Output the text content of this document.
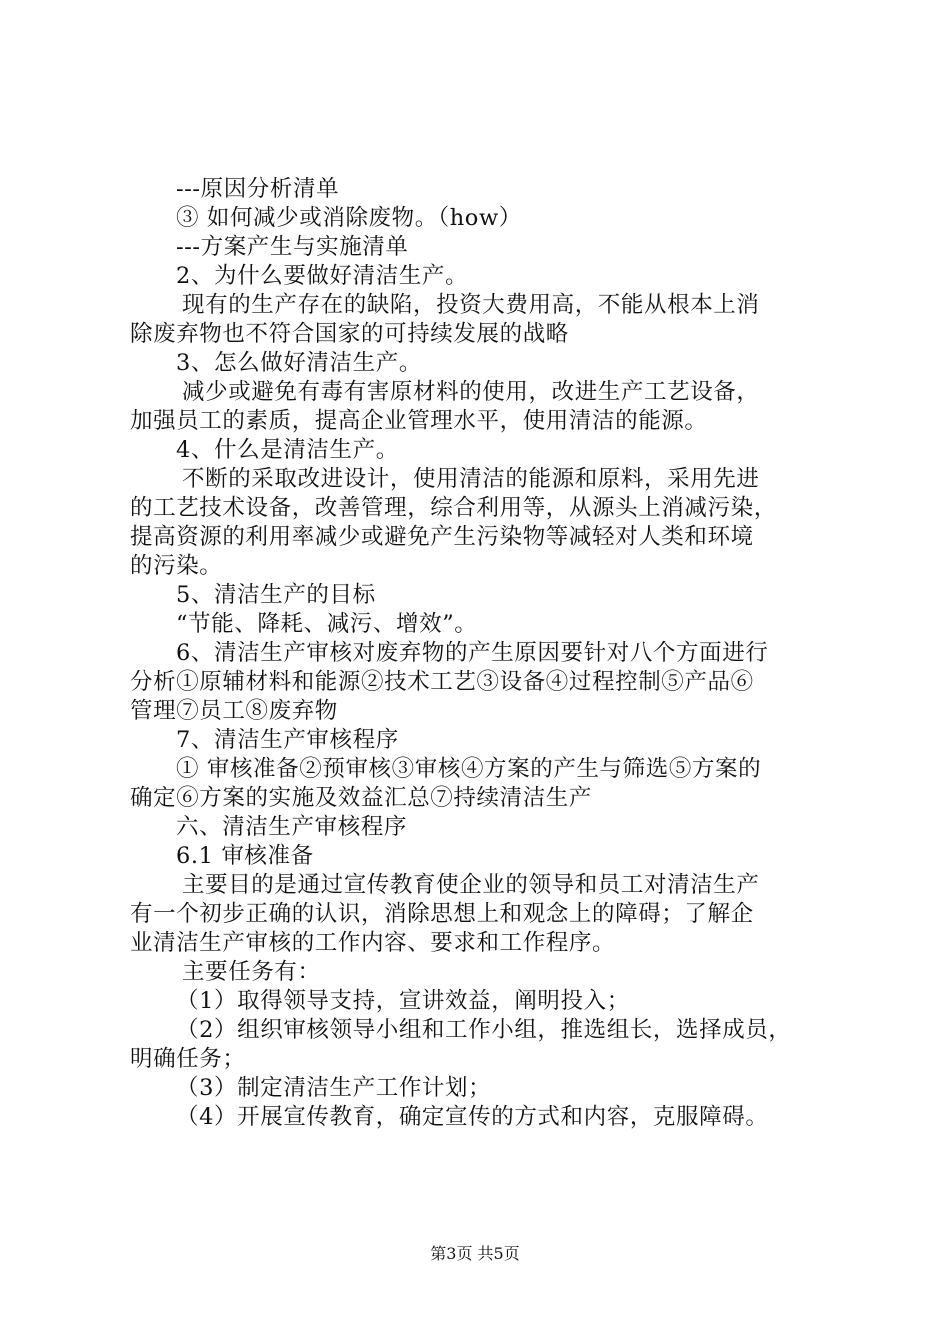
---原因分析清单
③ 如何减少或消除废物。（how）
---方案产生与实施清单
2、为什么要做好清洁生产。
现有的生产存在的缺陷，投资大费用高，不能从根本上消
除废弃物也不符合国家的可持续发展的战略
3、怎么做好清洁生产。
减少或避免有毒有害原材料的使用，改进生产工艺设备，
加强员工的素质，提高企业管理水平，使用清洁的能源。
4、什么是清洁生产。
不断的采取改进设计，使用清洁的能源和原料，采用先进
的工艺技术设备，改善管理，综合利用等，从源头上消减污染，
提高资源的利用率减少或避免产生污染物等减轻对人类和环境
的污染。
5、清洁生产的目标
“节能、降耗、减污、增效”。
6、清洁生产审核对废弃物的产生原因要针对八个方面进行
分析①原辅材料和能源②技术工艺③设备④过程控制⑤产品⑥
管理⑦员工⑧废弃物
7、清洁生产审核程序
① 审核准备②预审核③审核④方案的产生与筛选⑤方案的
确定⑥方案的实施及效益汇总⑦持续清洁生产
六、清洁生产审核程序
6.1 审核准备
主要目的是通过宣传教育使企业的领导和员工对清洁生产
有一个初步正确的认识，消除思想上和观念上的障碍；了解企
业清洁生产审核的工作内容、要求和工作程序。
主要任务有：
（1）取得领导支持，宣讲效益，阐明投入；
（2）组织审核领导小组和工作小组，推选组长，选择成员，
明确任务；
（3）制定清洁生产工作计划；
（4）开展宣传教育，确定宣传的方式和内容，克服障碍。
第3页 共5页
